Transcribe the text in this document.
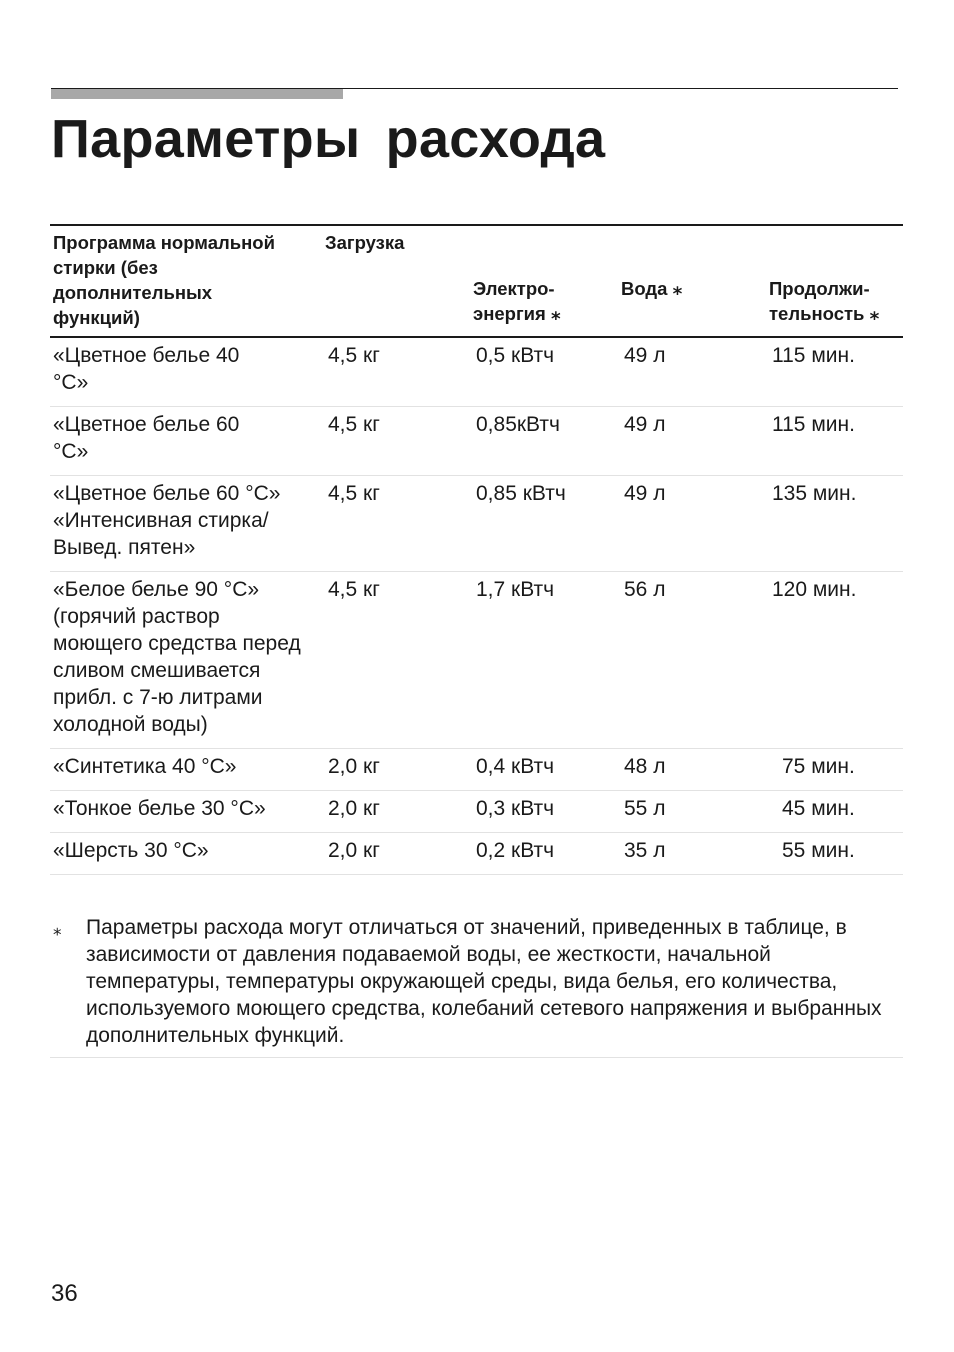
Параметры расхода
Программа нормальной стирки (без дополнительных функций)	Загрузка	Электро-энергия ⁎	Вода ⁎	Продолжи-тельность ⁎

«Цветное белье 40 °C»	4,5 кг	0,5 кВтч	49 л	115 мин.

«Цветное белье 60 °C»	4,5 кг	0,85кВтч	49 л	115 мин.

«Цветное белье 60 °C» «Интенсивная стирка/ Вывед. пятен»	4,5 кг	0,85 кВтч	49 л	135 мин.

«Белое белье 90 °C» (горячий раствор моющего средства перед сливом смешивается прибл. с 7-ю литрами холодной воды)	4,5 кг	1,7 кВтч	56 л	120 мин.
«Синтетика 40 °C»	2,0 кг	0,4 кВтч	48 л	75 мин.
«Тонкое белье 30 °C»	2,0 кг	0,3 кВтч	55 л	45 мин.
«Шерсть 30 °C»	2,0 кг	0,2 кВтч	35 л	55 мин.
⁎ Параметры расхода могут отличаться от значений, приведенных в таблице, в зависимости от давления подаваемой воды, ее жесткости, начальной температуры, температуры окружающей среды, вида белья, его количества, используемого моющего средства, колебаний сетевого напряжения и выбранных дополнительных функций.
36
